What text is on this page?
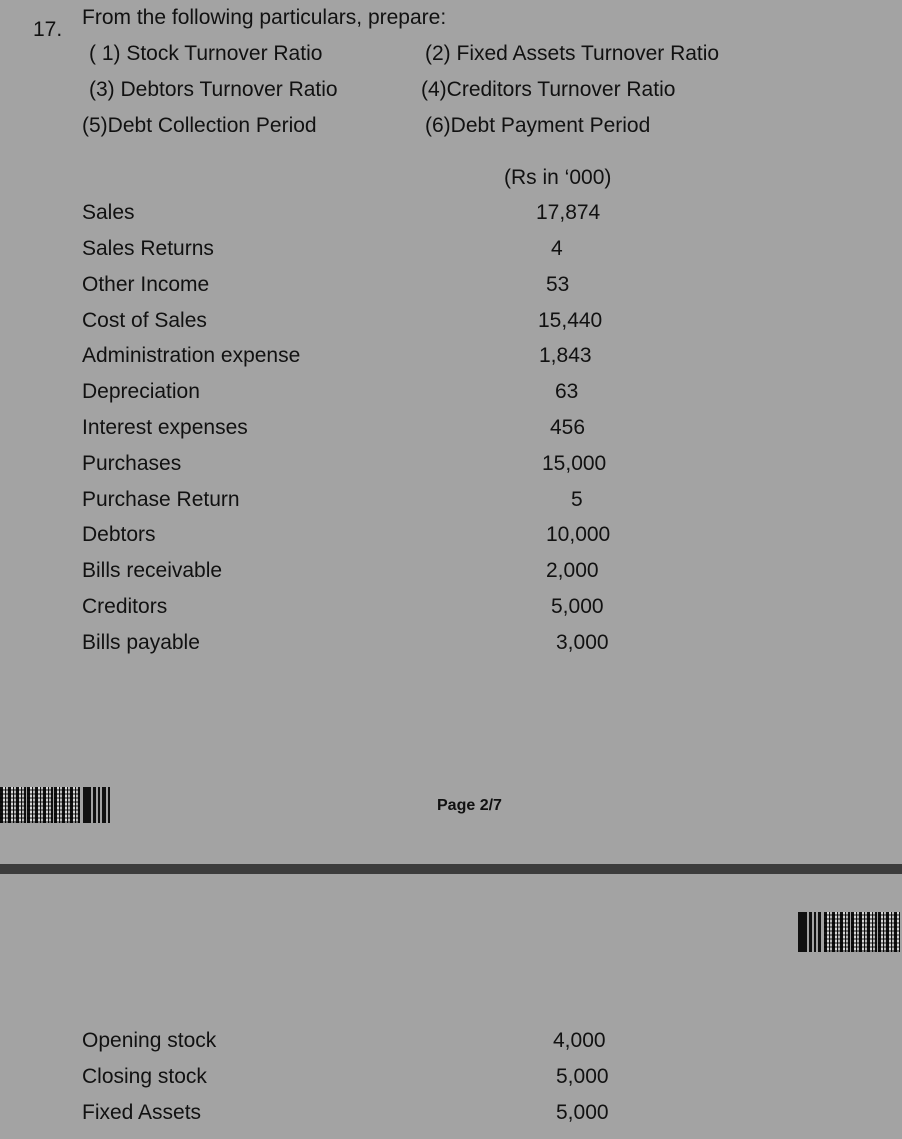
17.
From the following particulars, prepare:
( 1) Stock Turnover Ratio	(2) Fixed Assets Turnover Ratio
(3) Debtors Turnover Ratio	(4)Creditors Turnover Ratio
(5)Debt Collection Period	(6)Debt Payment Period
(Rs in ‘000)
Sales	17,874
Sales Returns	4
Other Income	53
Cost of Sales	15,440
Administration expense	1,843
Depreciation	63
Interest expenses	456
Purchases	15,000
Purchase Return	5
Debtors	10,000
Bills receivable	2,000
Creditors	5,000
Bills payable	3,000
Page 2/7
Opening stock	4,000
Closing stock	5,000
Fixed Assets	5,000
